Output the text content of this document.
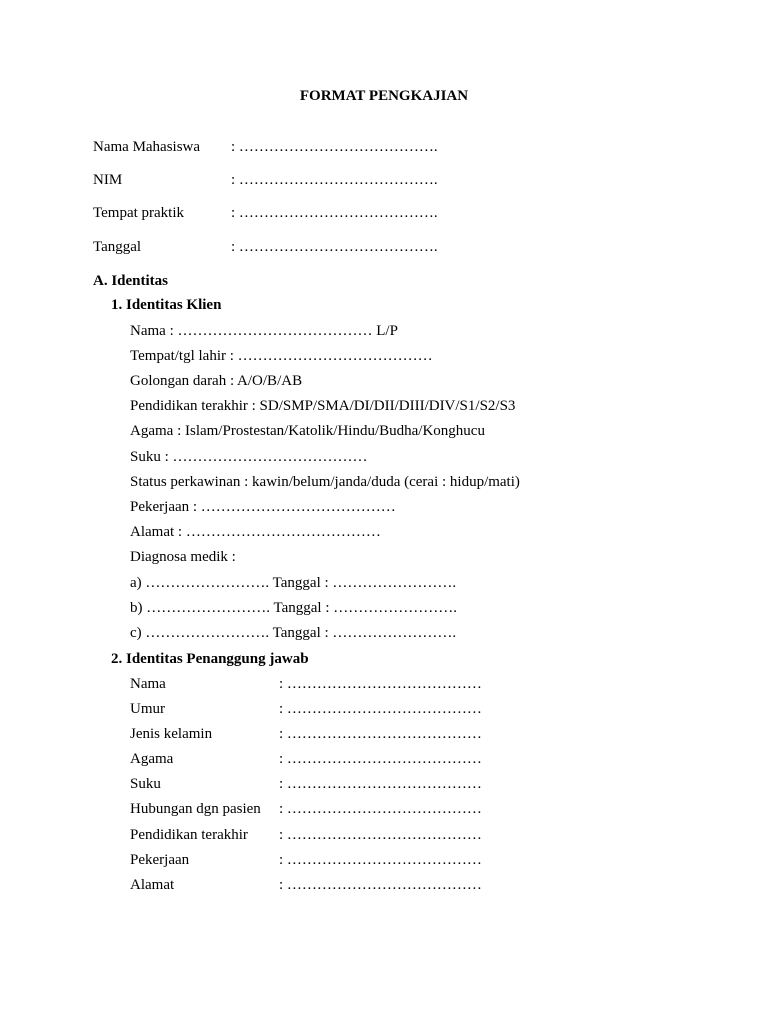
FORMAT PENGKAJIAN
Nama Mahasiswa : ………………………………….
NIM	: ………………………………….
Tempat praktik	: ………………………………….
Tanggal	: ………………………………….
A. Identitas
1. Identitas Klien
Nama : ………………………………… L/P
Tempat/tgl lahir : …………………………………
Golongan darah : A/O/B/AB
Pendidikan terakhir : SD/SMP/SMA/DI/DII/DIII/DIV/S1/S2/S3
Agama : Islam/Prostestan/Katolik/Hindu/Budha/Konghucu
Suku : …………………………………
Status perkawinan : kawin/belum/janda/duda (cerai : hidup/mati)
Pekerjaan : …………………………………
Alamat : …………………………………
Diagnosa medik :
a) ……………………. Tanggal : …………………….
b) ……………………. Tanggal : …………………….
c) ……………………. Tanggal : …………………….
2. Identitas Penanggung jawab
Nama	: …………………………………
Umur	: …………………………………
Jenis kelamin	: …………………………………
Agama	: …………………………………
Suku	: …………………………………
Hubungan dgn pasien : …………………………………
Pendidikan terakhir : …………………………………
Pekerjaan	: …………………………………
Alamat	: …………………………………
